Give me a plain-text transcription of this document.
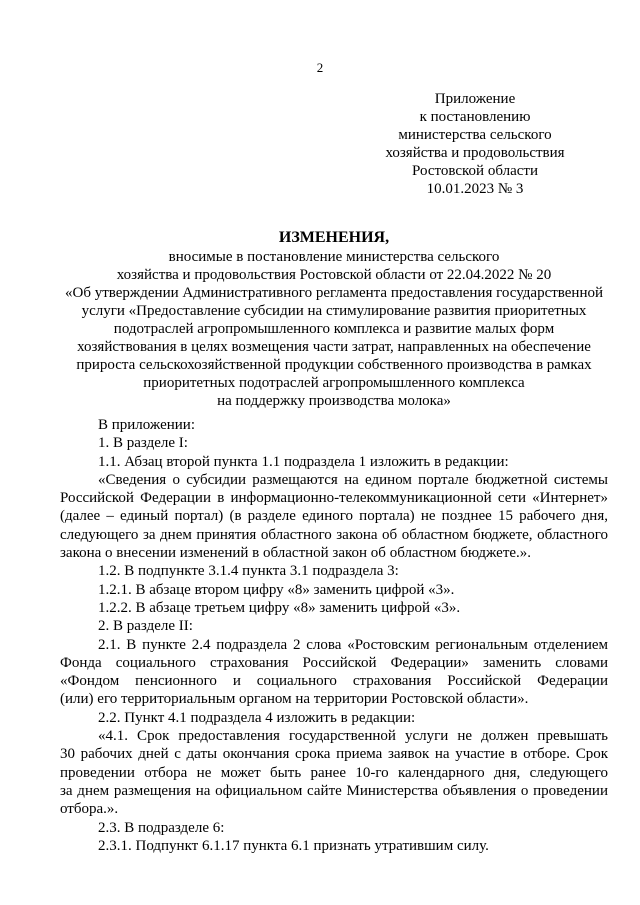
2
Приложение
к постановлению
министерства сельского
хозяйства и продовольствия
Ростовской области
10.01.2023 № 3
ИЗМЕНЕНИЯ,
вносимые в постановление министерства сельского
хозяйства и продовольствия Ростовской области от 22.04.2022 № 20
«Об утверждении Административного регламента предоставления государственной
услуги «Предоставление субсидии на стимулирование развития приоритетных
подотраслей агропромышленного комплекса и развитие малых форм
хозяйствования в целях возмещения части затрат, направленных на обеспечение
прироста сельскохозяйственной продукции собственного производства в рамках
приоритетных подотраслей агропромышленного комплекса
на поддержку производства молока»
В приложении:
1. В разделе I:
1.1. Абзац второй пункта 1.1 подраздела 1 изложить в редакции:
«Сведения о субсидии размещаются на едином портале бюджетной системы
Российской Федерации в информационно-телекоммуникационной сети «Интернет»
(далее – единый портал) (в разделе единого портала) не позднее 15 рабочего дня,
следующего за днем принятия областного закона об областном бюджете, областного
закона о внесении изменений в областной закон об областном бюджете.».
1.2. В подпункте 3.1.4 пункта 3.1 подраздела 3:
1.2.1. В абзаце втором цифру «8» заменить цифрой «3».
1.2.2. В абзаце третьем цифру «8» заменить цифрой «3».
2. В разделе II:
2.1. В пункте 2.4 подраздела 2 слова «Ростовским региональным отделением
Фонда социального страхования Российской Федерации» заменить словами
«Фондом пенсионного и социального страхования Российской Федерации
(или) его территориальным органом на территории Ростовской области».
2.2. Пункт 4.1 подраздела 4 изложить в редакции:
«4.1. Срок предоставления государственной услуги не должен превышать
30 рабочих дней с даты окончания срока приема заявок на участие в отборе. Срок
проведении отбора не может быть ранее 10-го календарного дня, следующего
за днем размещения на официальном сайте Министерства объявления о проведении
отбора.».
2.3. В подразделе 6:
2.3.1. Подпункт 6.1.17 пункта 6.1 признать утратившим силу.
